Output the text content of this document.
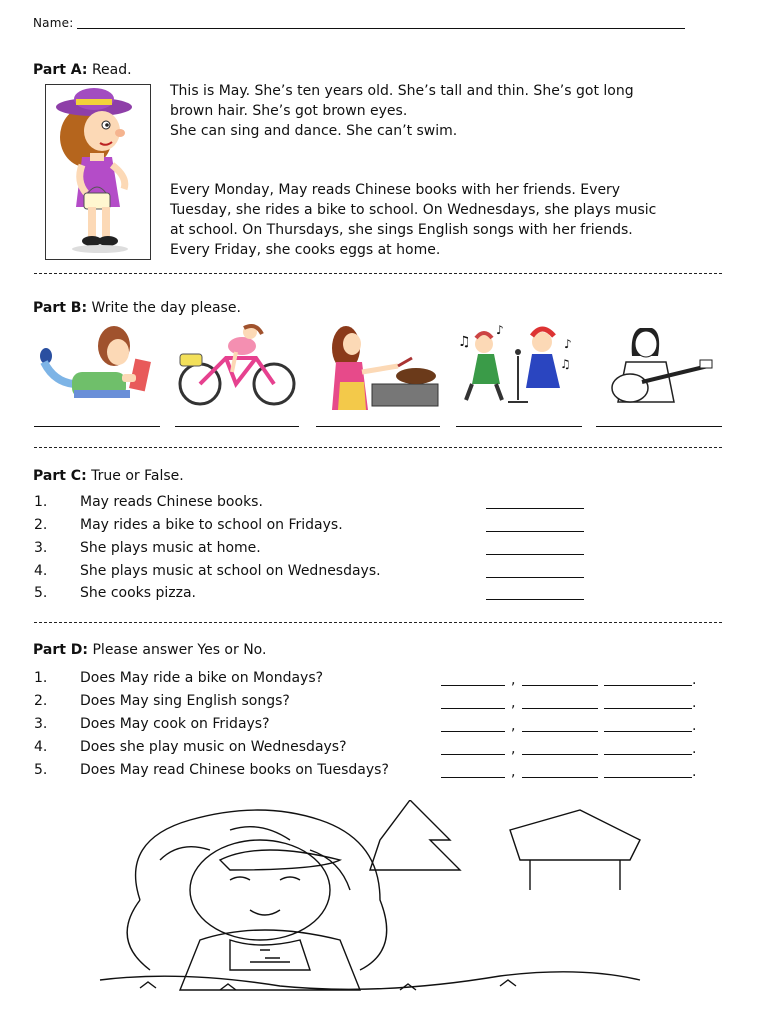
Name:
Part A: Read.
This is May. She’s ten years old. She’s tall and thin. She’s got long
brown hair. She’s got brown eyes.
She can sing and dance. She can’t swim.
Every Monday, May reads Chinese books with her friends. Every
Tuesday, she rides a bike to school. On Wednesdays, she plays music
at school. On Thursdays, she sings English songs with her friends.
Every Friday, she cooks eggs at home.
Part B: Write the day please.
♫
♪
♪
♫
Part C: True or False.
1. May reads Chinese books.
2. May rides a bike to school on Fridays.
3. She plays music at home.
4. She plays music at school on Wednesdays.
5. She cooks pizza.
Part D: Please answer Yes or No.
1. Does May ride a bike on Mondays?	,	.
2. Does May sing English songs?	,	.
3. Does May cook on Fridays?	,	.
4. Does she play music on Wednesdays?	,	.
5. Does May read Chinese books on Tuesdays?	,	.
